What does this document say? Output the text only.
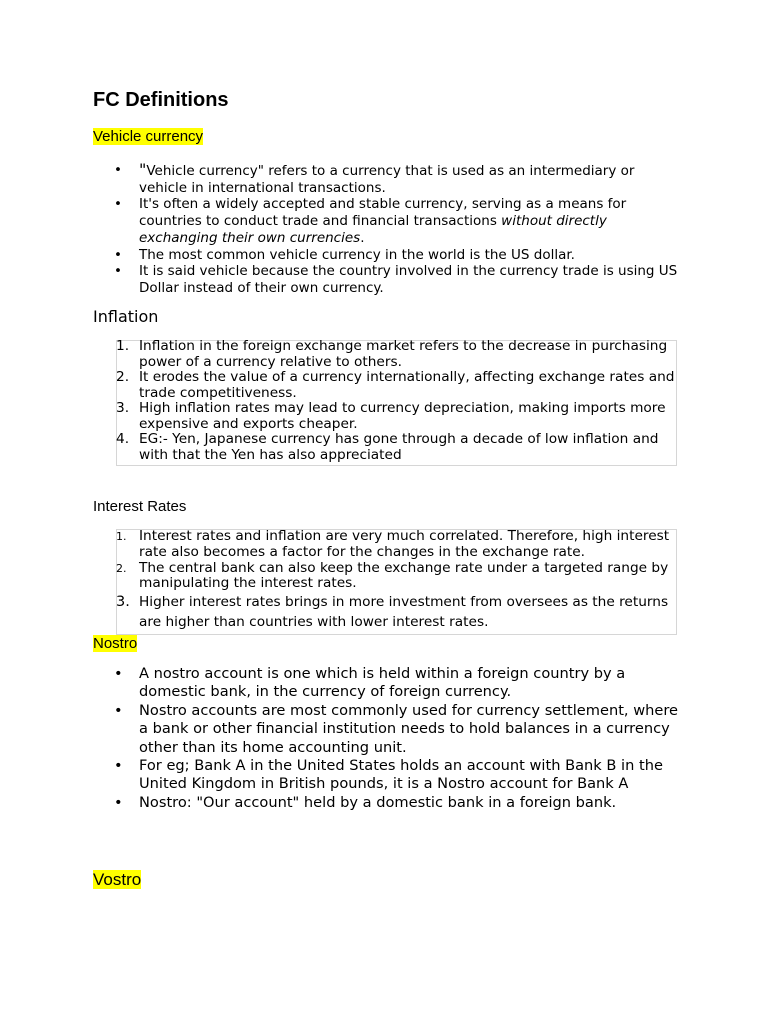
FC Definitions
Vehicle currency
• "Vehicle currency" refers to a currency that is used as an intermediary or vehicle in international transactions.
• It's often a widely accepted and stable currency, serving as a means for countries to conduct trade and financial transactions without directly exchanging their own currencies.
• The most common vehicle currency in the world is the US dollar.
• It is said vehicle because the country involved in the currency trade is using US Dollar instead of their own currency.
Inflation
1. Inflation in the foreign exchange market refers to the decrease in purchasing power of a currency relative to others.
2. It erodes the value of a currency internationally, affecting exchange rates and trade competitiveness.
3. High inflation rates may lead to currency depreciation, making imports more expensive and exports cheaper.
4. EG:- Yen, Japanese currency has gone through a decade of low inflation and with that the Yen has also appreciated
Interest Rates
1. Interest rates and inflation are very much correlated. Therefore, high interest rate also becomes a factor for the changes in the exchange rate.
2. The central bank can also keep the exchange rate under a targeted range by manipulating the interest rates.
3. Higher interest rates brings in more investment from oversees as the returns are higher than countries with lower interest rates.
Nostro
• A nostro account is one which is held within a foreign country by a domestic bank, in the currency of foreign currency.
• Nostro accounts are most commonly used for currency settlement, where a bank or other financial institution needs to hold balances in a currency other than its home accounting unit.
• For eg; Bank A in the United States holds an account with Bank B in the United Kingdom in British pounds, it is a Nostro account for Bank A
• Nostro: "Our account" held by a domestic bank in a foreign bank.
Vostro
